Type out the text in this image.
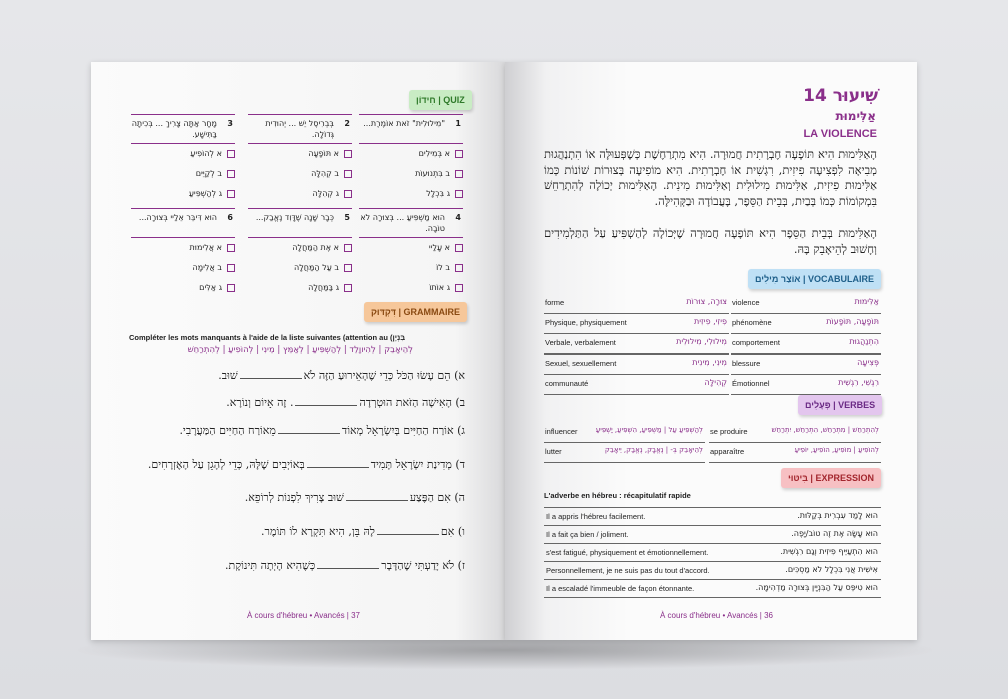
חִידוֹן | QUIZ
1
"מִילוּלִית" זֹאת אוֹמֶרֶת...
א בְּמִילִים
ב בִּתְנוּעוֹת
ג בִּכְלָל
2
בְּבְרִיסֶל יֵשׁ ... יְהוּדִית גְּדוֹלָה.
א תּוֹפָעָה
ב קְהִלָּה
ג קְהִלָּה
3
מָחָר אַתָּה צָרִיךְ ... בְּכִיתָה בַּתִּישָׁע.
א לְהוֹפִיעַ
ב לְקַיֵּים
ג לְהַשְׁפִּיעַ
4
הוּא מַשְׁפִּיעַ ... בְּצוּרָה לֹא טוֹבָה.
א עָלַיי
ב לוֹ
ג אוֹתוֹ
5
כְּבָר שָׁנָה שֶׁדָּוִד נֶאֱבַק...
א אֶת הַמַּחֲלָה
ב עַל הַמַּחֲלָה
ג בַּמַּחֲלָה
6
הוּא דִּיבֵּר אֵלַיי בְּצוּרָה...
א אֲלִימוּת
ב אֲלִימָה
ג אַלִּים
דִּקְדּוּק | GRAMMAIRE
Compléter les mots manquants à l'aide de la liste suivantes (attention au (בִּנְיָן
לְהֵיאָבֵק | לְהִיווָלֵד | לְהַשְׁפִּיעַ | לְאַמֵּץ | מֵינִי | לְהוֹפִיעַ | לְהִתְרַחֵשׁ
א) הֵם עָשׂוּ הַכֹּל כְּדֵי שֶׁהָאֵירוּעַ הַזֶּה לֹאשׁוּב.
ב) הָאִישָׁה הַזֹּאת הוּטְרְדָה. זֶה אָיוֹם וְנוֹרָא.
ג) אוֹרַח הַחַיִּים בְּיִשְׂרָאֵל מְאוֹדמֵאוֹרַח הַחַיִּים הַמַּעֲרָבִי.
ד) מְדִינַת יִשְׂרָאֵל תָּמִידבְּאוֹיְבִים שֶׁלָּהּ, כְּדֵי לְהָגֵן עַל הָאֶזְרָחִים.
ה) אִם הַפֶּצַעשׁוּב צָרִיךְ לִפְנוֹת לְרוֹפֵא.
ו) אִםלָהּ בֵּן, הִיא תִּקְרָא לוֹ תּוֹמֶר.
ז) לֹא יָדַעְתִּי שֶׁהַדָּבָרכְּשֶׁהִיא הָיְתָה תִּינוֹקֶת.
À cours d'hébreu • Avancés | 37
שִׁיעוּר 14
אַלִּימוּת
LA VIOLENCE
הָאַלִּימוּת הִיא תּוֹפָעָה חֶבְרָתִית חֲמוּרָה. הִיא מִתְרַחֶשֶׁת כְּשֶׁפְּעוּלָּה אוֹ הִתְנַהֲגוּת מְבִיאָה לִפְצִיעָה פִיזִית, רִגְשִׁית אוֹ חֶבְרָתִית. הִיא מוֹפִיעָה בְּצוּרוֹת שׁוֹנוֹת כְּמוֹ אַלִּימוּת פִיזִית, אַלִּימוּת מִילוּלִית וְאַלִּימוּת מִינִית. הָאַלִּימוּת יְכוֹלָה לְהִתְרַחֵשׁ בִּמְקוֹמוֹת כְּמוֹ בְּבַיִת, בְּבֵית הַסֵּפֶר, בָּעֲבוֹדָה וּבַקְּהִילָּה.
הָאַלִּימוּת בְּבֵית הַסֵּפֶר הִיא תּוֹפָעָה חֲמוּרָה שֶׁיְּכוֹלָה לְהַשְׁפִּיעַ עַל הַתַּלְמִידִים וְחָשׁוּב לְהֵיאָבֵק בָּהּ.
אוֹצַר מִילִים | VOCABULAIRE
forme	צוּרָה, צוּרוֹת
Physique, physiquement	פִיזִי, פִיזִית
Verbale, verbalement	מִילוּלִי, מִילוּלִית
Sexuel, sexuellement	מִינִי, מִינִית
communauté	קְהִילָּה
violence	אַלִּימוּת
phénomène	תּוֹפָעָה, תּוֹפָעוֹת
comportement	הִתְנַהֲגוּת
blessure	פְּצִיעָה
Émotionnel	רִגְשִׁי, רִגְשִׁית
פְּעָלִים | VERBES
influencer	לְהַשְׁפִּיעַ עַל | מַשְׁפִּיעַ, הִשְׁפִּיעַ, יַשְׁפִּיעַ
lutter	לְהֵיאָבֵק בְּ- | נֶאֱבָק, נֶאֱבַק, יֵיאָבֵק
se produire	לְהִתְרַחֵשׁ | מִתְרַחֵשׁ, הִתְרַחֵשׁ, יִתְרַחֵשׁ
apparaître	לְהוֹפִיעַ | מוֹפִיעַ, הוֹפִיעַ, יוֹפִיעַ
בִּיטּוּי | EXPRESSION
L'adverbe en hébreu : récapitulatif rapide
Il a appris l'hébreu facilement.	הוּא לָמַד עִבְרִית בְּקַלּוּת.
Il a fait ça bien / joliment.	הוּא עָשָׂה אֶת זֶה טוֹב/יָפֶה.
s'est fatigué, physiquement et émotionnellement.	הוּא הִתְעַיֵּיף פִיזִית וְגַם רִגְשִׁית.
Personnellement, je ne suis pas du tout d'accord.	אִישִׁית אֲנִי בִּכְלָל לֹא מַסְכִּים.
Il a escaladé l'immeuble de façon étonnante.	הוּא טִיפֵּס עַל הַבִּנְיָין בְּצוּרָה מַדְהִימָה.
À cours d'hébreu • Avancés | 36
